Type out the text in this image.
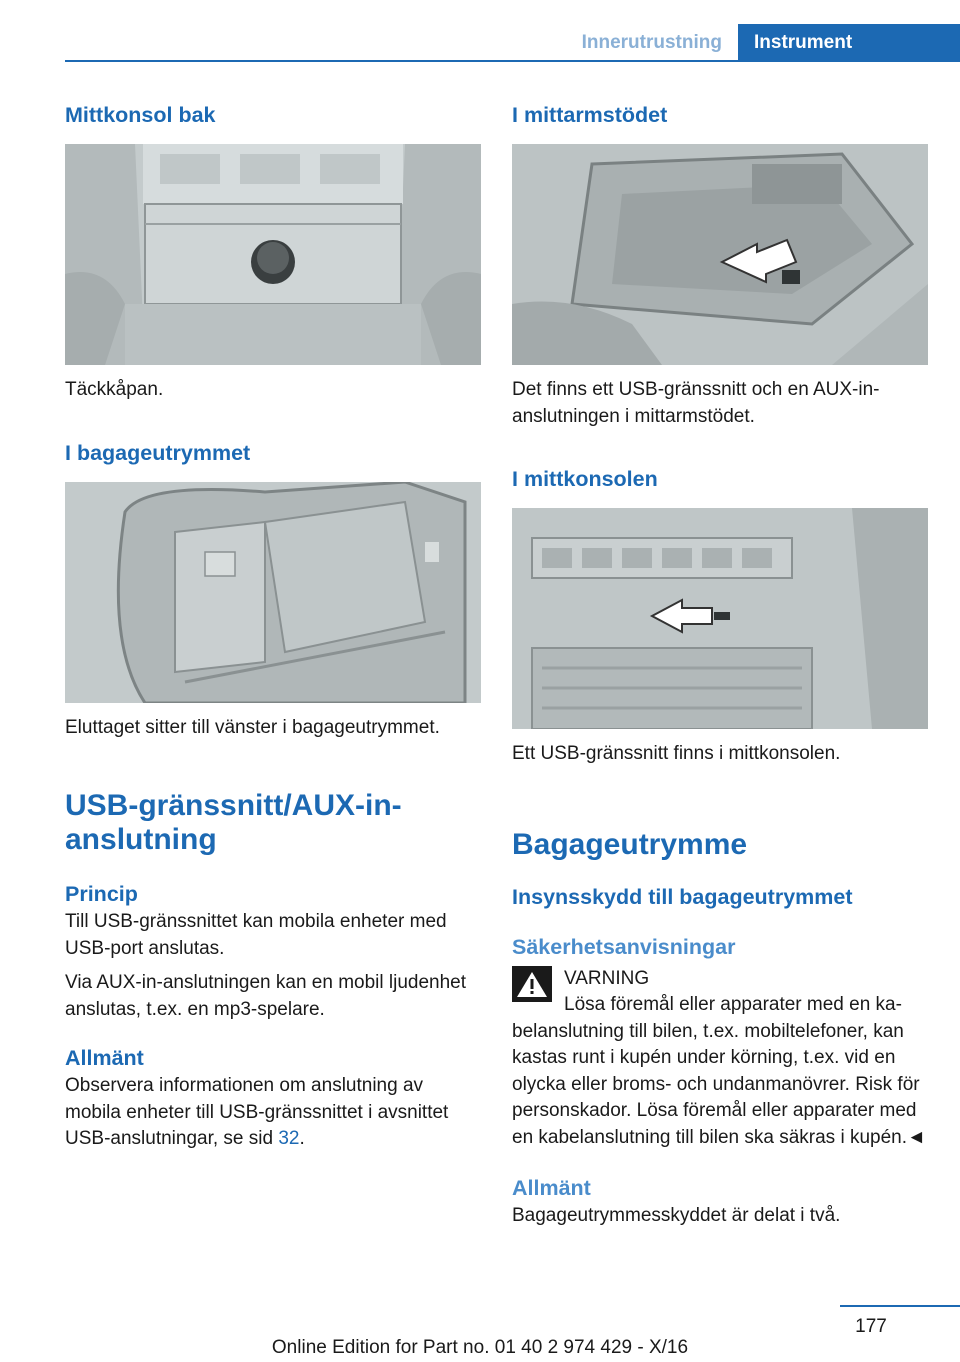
Innerutrustning	Instrument
Mittkonsol bak

Täckkåpan.

I bagageutrymmet

Eluttaget sitter till vänster i bagageutrymmet.

USB-gränssnitt/AUX-in-anslutning
Princip

Till USB-gränssnittet kan mobila enheter med USB-port anslutas.

Via AUX-in-anslutningen kan en mobil ljudenhet anslutas, t.ex. en mp3-spelare.

Allmänt

Observera informationen om anslutning av mobila enheter till USB-gränssnittet i avsnittet USB-anslutningar, se sid 32.

I mittarmstödet

Det finns ett USB-gränssnitt och en AUX-in-anslutningen i mittarmstödet.

I mittkonsolen

Ett USB-gränssnitt finns i mittkonsolen.

Bagageutrymme
Insynsskydd till bagageutrymmet
Säkerhetsanvisningar

VARNING

Lösa föremål eller apparater med en kabelanslutning till bilen, t.ex. mobiltelefoner, kan kastas runt i kupén under körning, t.ex. vid en olycka eller broms- och undanmanövrer. Risk för personskador. Lösa föremål eller apparater med en kabelanslutning till bilen ska säkras i kupén.◄

Allmänt

Bagageutrymmesskyddet är delat i två.

177
Online Edition for Part no. 01 40 2 974 429 - X/16
